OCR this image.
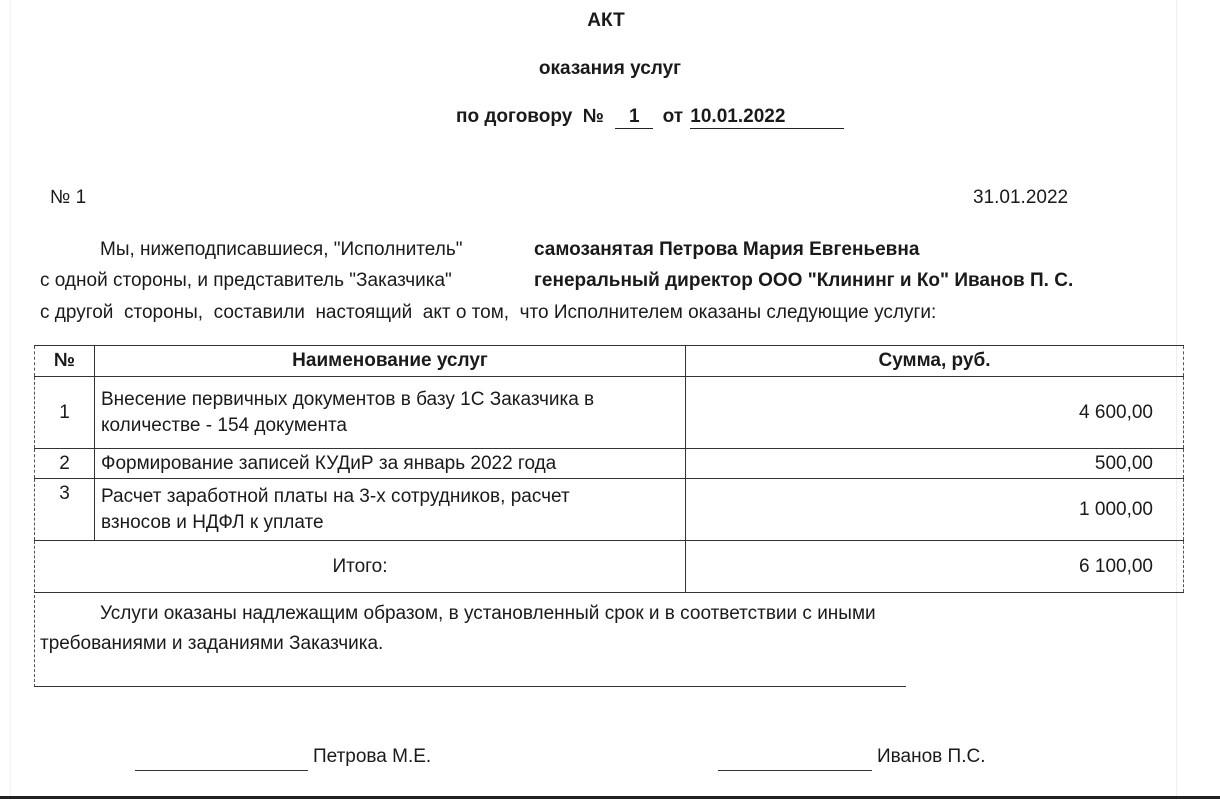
АКТ
оказания услуг
по договору  № 1 от 10.01.2022
№ 1	31.01.2022
Мы, нижеподписавшиеся, "Исполнитель"	самозанятая Петрова Мария Евгеньевна
с одной стороны, и представитель "Заказчика"	генеральный директор ООО "Клининг и Ко" Иванов П. С.
с другой  стороны,  составили  настоящий  акт о том,  что Исполнителем оказаны следующие услуги:
№	Наименование услуг	Сумма, руб.
1	Внесение первичных документов в базу 1С Заказчика в
количестве - 154 документа	4 600,00
2	Формирование записей КУДиР за январь 2022 года	500,00
3	Расчет заработной платы на 3-х сотрудников, расчет
взносов и НДФЛ к уплате	1 000,00
Итого:		6 100,00
Услуги оказаны надлежащим образом, в установленный срок и в соответствии с иными
требованиями и заданиями Заказчика.
Петрова М.Е.	Иванов П.С.
